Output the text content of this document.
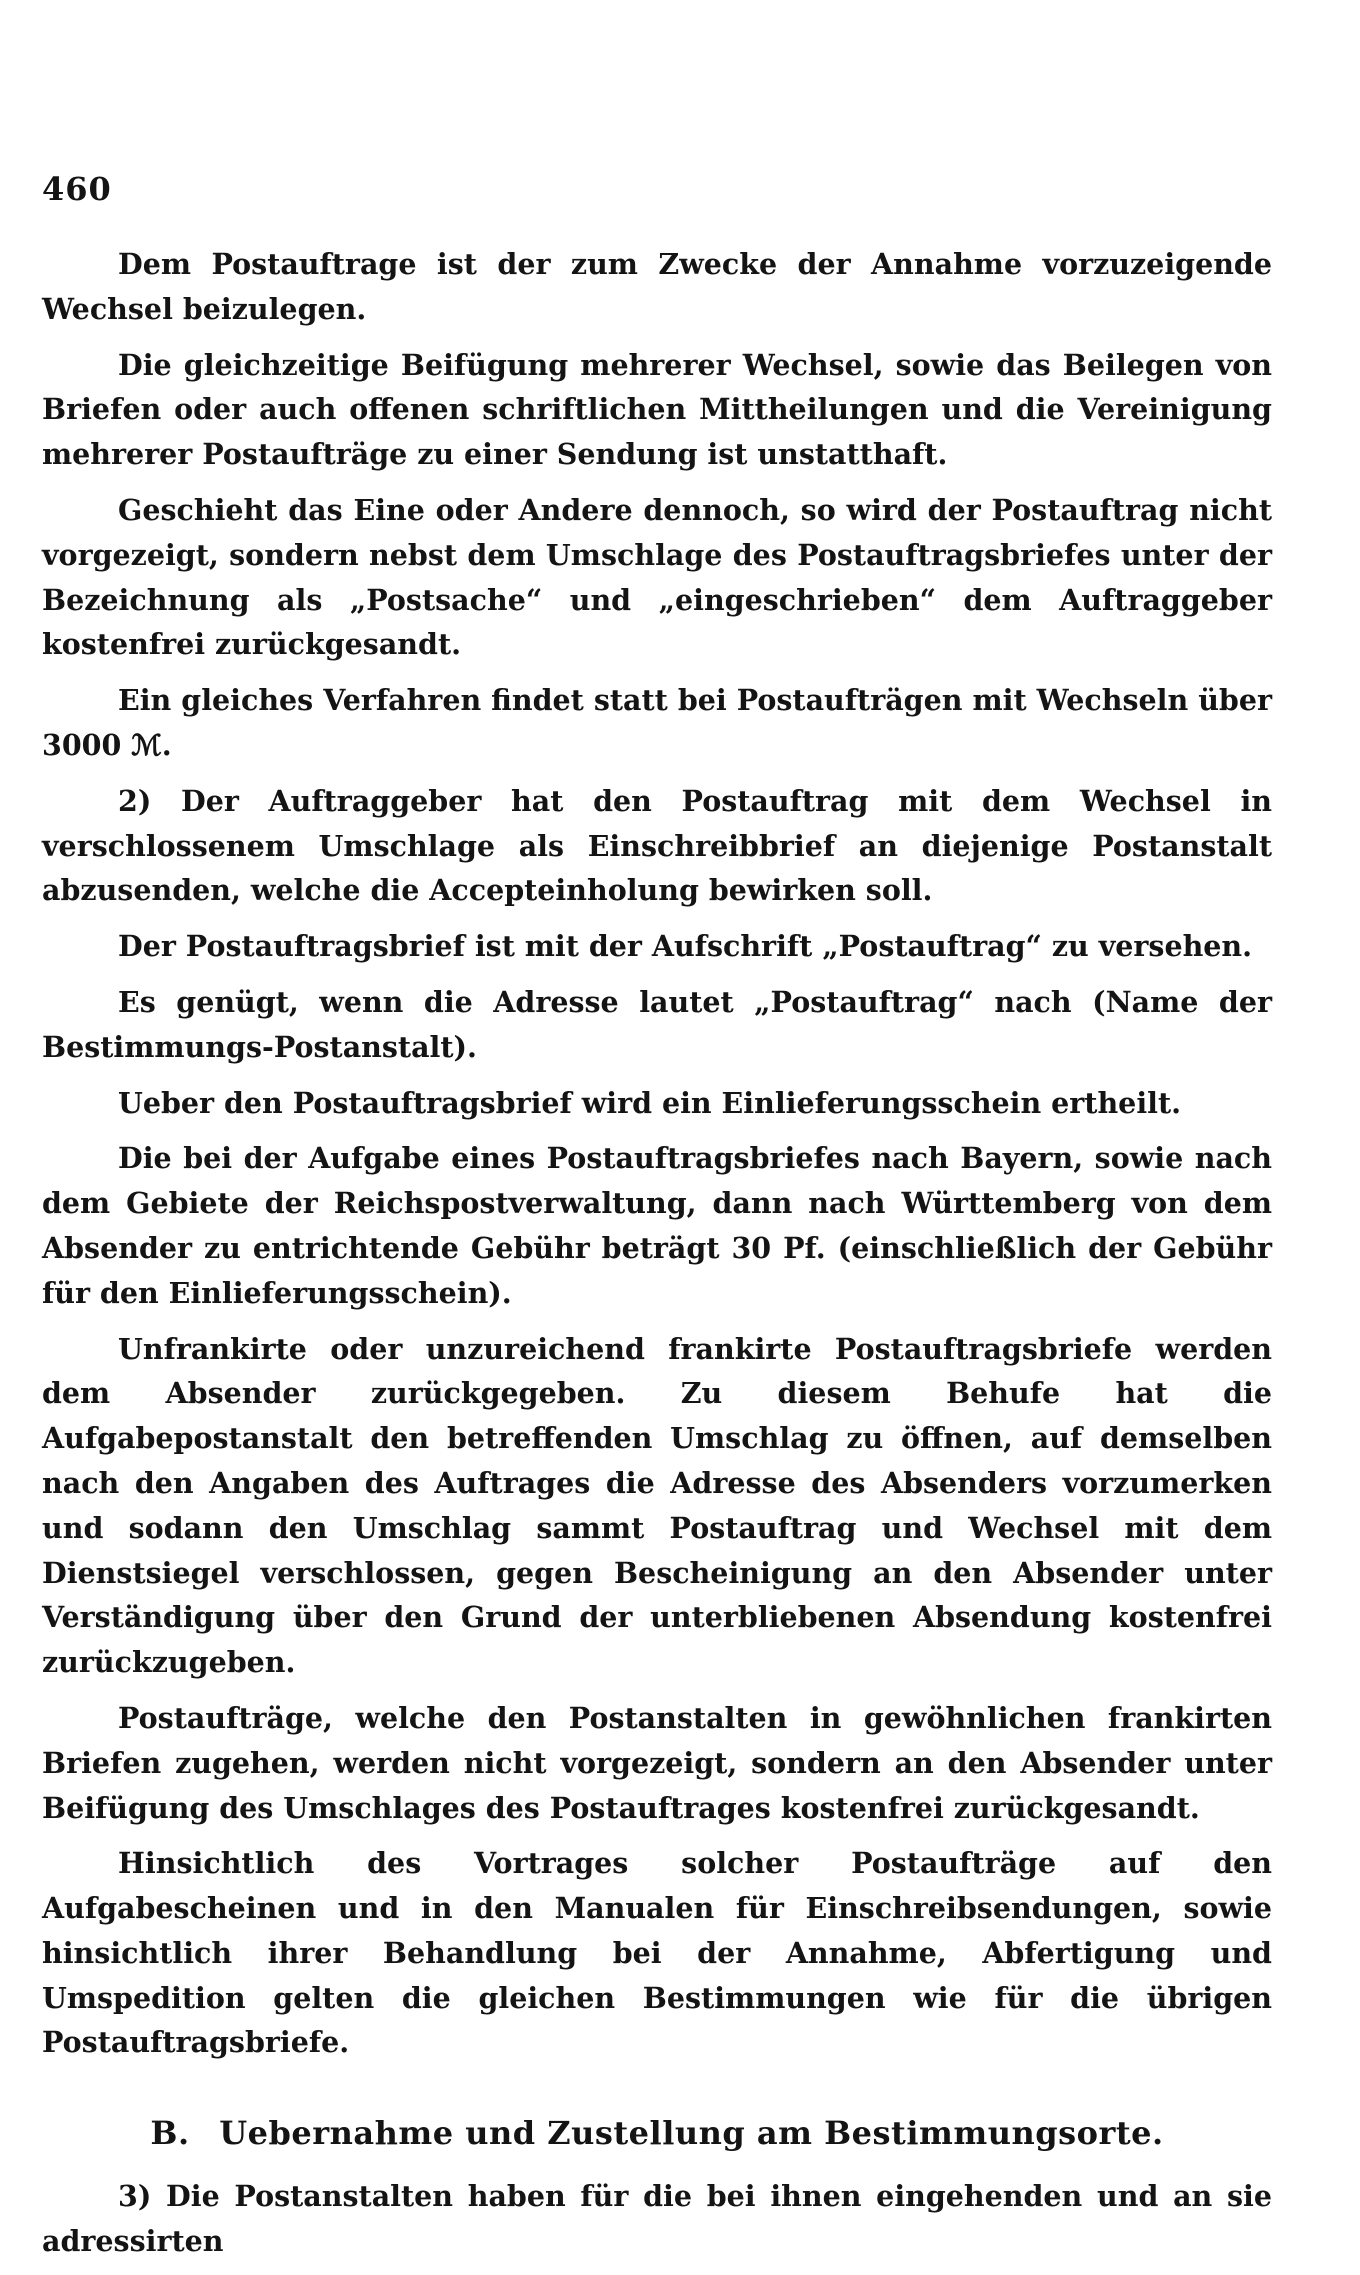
460

Dem Postauftrage ist der zum Zwecke der Annahme vorzuzeigende Wechsel beizulegen.

Die gleichzeitige Beifügung mehrerer Wechsel, sowie das Beilegen von Briefen oder auch offenen schriftlichen Mittheilungen und die Vereinigung mehrerer Postaufträge zu einer Sendung ist unstatthaft.

Geschieht das Eine oder Andere dennoch, so wird der Postauftrag nicht vorgezeigt, sondern nebst dem Umschlage des Postauftragsbriefes unter der Bezeichnung als „Postsache“ und „eingeschrieben“ dem Auftraggeber kostenfrei zurückgesandt.

Ein gleiches Verfahren findet statt bei Postaufträgen mit Wechseln über 3000 ℳ.

2) Der Auftraggeber hat den Postauftrag mit dem Wechsel in verschlossenem Umschlage als Einschreibbrief an diejenige Postanstalt abzusenden, welche die Accepteinholung bewirken soll.

Der Postauftragsbrief ist mit der Aufschrift „Postauftrag“ zu versehen.

Es genügt, wenn die Adresse lautet „Postauftrag“ nach (Name der Bestimmungs-Postanstalt).

Ueber den Postauftragsbrief wird ein Einlieferungsschein ertheilt.

Die bei der Aufgabe eines Postauftragsbriefes nach Bayern, sowie nach dem Gebiete der Reichspostverwaltung, dann nach Württemberg von dem Absender zu entrichtende Gebühr beträgt 30 Pf. (einschließlich der Gebühr für den Einlieferungsschein).

Unfrankirte oder unzureichend frankirte Postauftragsbriefe werden dem Absender zurückgegeben. Zu diesem Behufe hat die Aufgabepostanstalt den betreffenden Umschlag zu öffnen, auf demselben nach den Angaben des Auftrages die Adresse des Absenders vorzumerken und sodann den Umschlag sammt Postauftrag und Wechsel mit dem Dienstsiegel verschlossen, gegen Bescheinigung an den Absender unter Verständigung über den Grund der unterbliebenen Absendung kostenfrei zurückzugeben.

Postaufträge, welche den Postanstalten in gewöhnlichen frankirten Briefen zugehen, werden nicht vorgezeigt, sondern an den Absender unter Beifügung des Umschlages des Postauftrages kostenfrei zurückgesandt.

Hinsichtlich des Vortrages solcher Postaufträge auf den Aufgabescheinen und in den Manualen für Einschreibsendungen, sowie hinsichtlich ihrer Behandlung bei der Annahme, Abfertigung und Umspedition gelten die gleichen Bestimmungen wie für die übrigen Postauftragsbriefe.

B. Uebernahme und Zustellung am Bestimmungsorte.

3) Die Postanstalten haben für die bei ihnen eingehenden und an sie adressirten
